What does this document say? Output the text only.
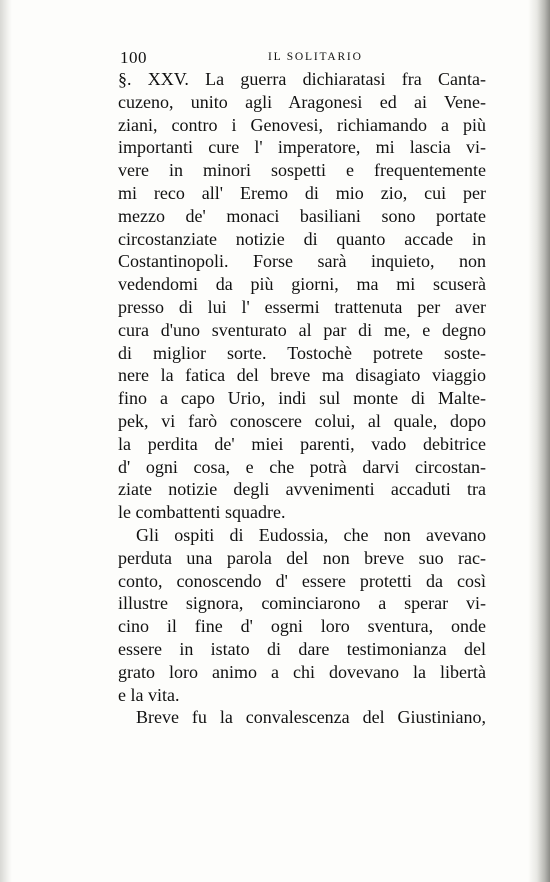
100	IL SOLITARIO
§. XXV. La guerra dichiaratasi fra Canta-
cuzeno, unito agli Aragonesi ed ai Vene-
ziani, contro i Genovesi, richiamando a più
importanti cure l' imperatore, mi lascia vi-
vere in minori sospetti e frequentemente
mi reco all' Eremo di mio zio, cui per
mezzo de' monaci basiliani sono portate
circostanziate notizie di quanto accade in
Costantinopoli. Forse sarà inquieto, non
vedendomi da più giorni, ma mi scuserà
presso di lui l' essermi trattenuta per aver
cura d'uno sventurato al par di me, e degno
di miglior sorte. Tostochè potrete soste-
nere la fatica del breve ma disagiato viaggio
fino a capo Urio, indi sul monte di Malte-
pek, vi farò conoscere colui, al quale, dopo
la perdita de' miei parenti, vado debitrice
d' ogni cosa, e che potrà darvi circostan-
ziate notizie degli avvenimenti accaduti tra
le combattenti squadre.
Gli ospiti di Eudossia, che non avevano
perduta una parola del non breve suo rac-
conto, conoscendo d' essere protetti da così
illustre signora, cominciarono a sperar vi-
cino il fine d' ogni loro sventura, onde
essere in istato di dare testimonianza del
grato loro animo a chi dovevano la libertà
e la vita.
Breve fu la convalescenza del Giustiniano,
